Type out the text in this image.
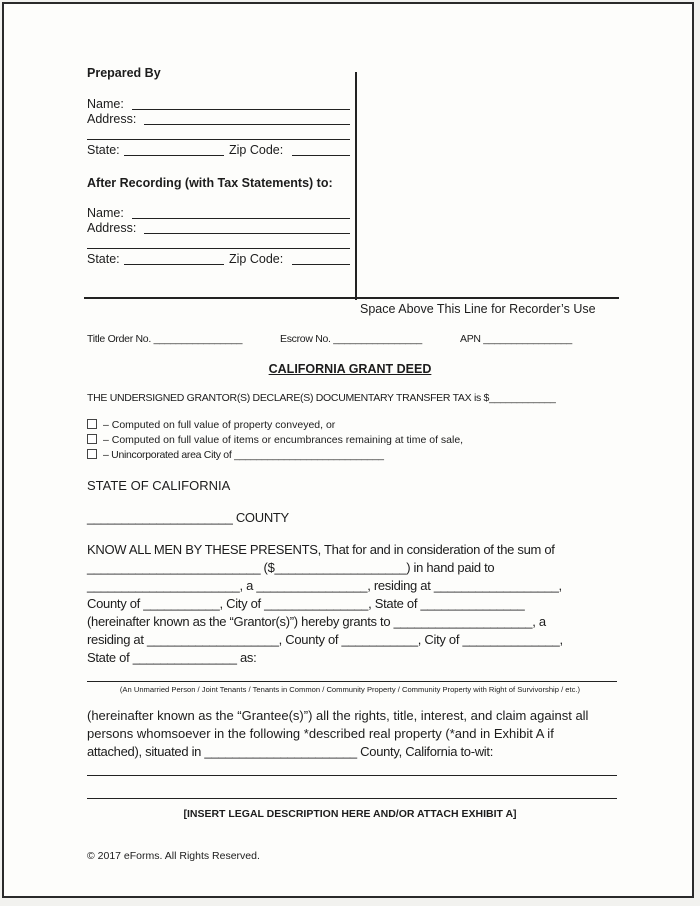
Prepared By
Name:
Address:
State:	Zip Code:
After Recording (with Tax Statements) to:
Name:
Address:
State:	Zip Code:
Space Above This Line for Recorder’s Use
Title Order No. ________________	Escrow No. ________________	APN ________________
CALIFORNIA GRANT DEED
THE UNDERSIGNED GRANTOR(S) DECLARE(S) DOCUMENTARY TRANSFER TAX is $____________
– Computed on full value of property conveyed, or
– Computed on full value of items or encumbrances remaining at time of sale,
– Unincorporated area City of ___________________________
STATE OF CALIFORNIA
_____________________ COUNTY
KNOW ALL MEN BY THESE PRESENTS, That for and in consideration of the sum of
_________________________ ($___________________) in hand paid to
______________________, a ________________, residing at __________________,
County of ___________, City of _______________, State of _______________
(hereinafter known as the “Grantor(s)”) hereby grants to ____________________, a
residing at ___________________, County of ___________, City of ______________,
State of _______________ as:
(An Unmarried Person / Joint Tenants / Tenants in Common / Community Property / Community Property with Right of Survivorship / etc.)
(hereinafter known as the “Grantee(s)”) all the rights, title, interest, and claim against all
persons whomsoever in the following *described real property (*and in Exhibit A if
attached), situated in ______________________ County, California to-wit:
[INSERT LEGAL DESCRIPTION HERE AND/OR ATTACH EXHIBIT A]
© 2017 eForms. All Rights Reserved.
